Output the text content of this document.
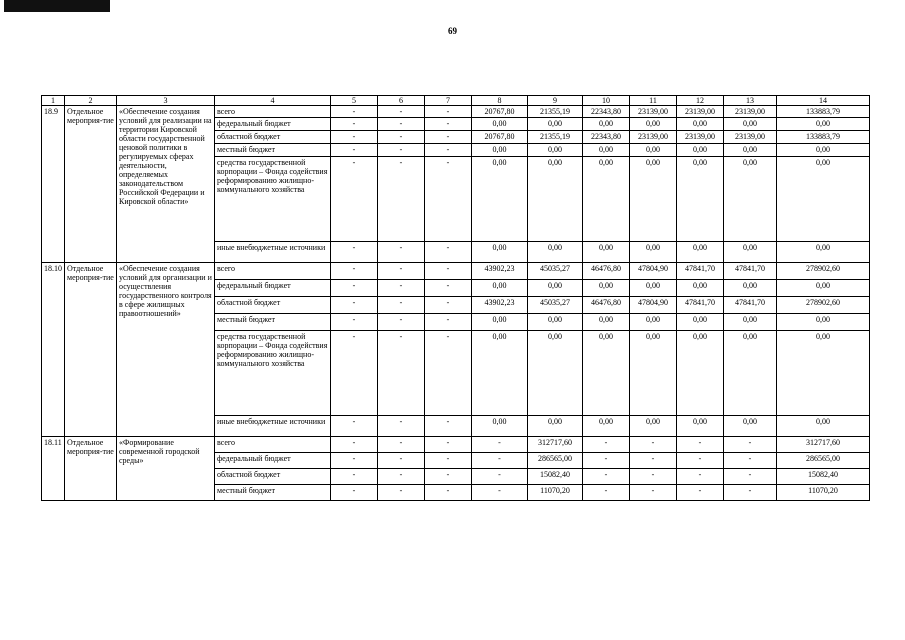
69
1	2	3	4	5	6	7	8	9	10	11	12	13	14
18.9	Отдельное мероприя-тие	«Обеспечение создания условий для реализации на территории Кировской области государственной ценовой политики в регулируемых сферах деятельности, определяемых законодательством Российской Федерации и Кировской области»	всего	-	-	-	20767,80	21355,19	22343,80	23139,00	23139,00	23139,00	133883,79
			федеральный бюджет	-	-	-	0,00	0,00	0,00	0,00	0,00	0,00	0,00
			областной бюджет	-	-	-	20767,80	21355,19	22343,80	23139,00	23139,00	23139,00	133883,79
			местный бюджет	-	-	-	0,00	0,00	0,00	0,00	0,00	0,00	0,00
			средства государственной корпорации – Фонда содействия реформированию жилищно-коммунального хозяйства	-	-	-	0,00	0,00	0,00	0,00	0,00	0,00	0,00
			иные внебюджетные источники	-	-	-	0,00	0,00	0,00	0,00	0,00	0,00	0,00
18.10	Отдельное мероприя-тие	«Обеспечение создания условий для организации и осуществления государственного контроля в сфере жилищных правоотношений»	всего	-	-	-	43902,23	45035,27	46476,80	47804,90	47841,70	47841,70	278902,60
			федеральный бюджет	-	-	-	0,00	0,00	0,00	0,00	0,00	0,00	0,00
			областной бюджет	-	-	-	43902,23	45035,27	46476,80	47804,90	47841,70	47841,70	278902,60
			местный бюджет	-	-	-	0,00	0,00	0,00	0,00	0,00	0,00	0,00
			средства государственной корпорации – Фонда содействия реформированию жилищно-коммунального хозяйства	-	-	-	0,00	0,00	0,00	0,00	0,00	0,00	0,00
			иные внебюджетные источники	-	-	-	0,00	0,00	0,00	0,00	0,00	0,00	0,00
18.11	Отдельное мероприя-тие	«Формирование современной городской среды»	всего	-	-	-	-	312717,60	-	-	-	-	312717,60
			федеральный бюджет	-	-	-	-	286565,00	-	-	-	-	286565,00
			областной бюджет	-	-	-	-	15082,40	-	-	-	-	15082,40
			местный бюджет	-	-	-	-	11070,20	-	-	-	-	11070,20
